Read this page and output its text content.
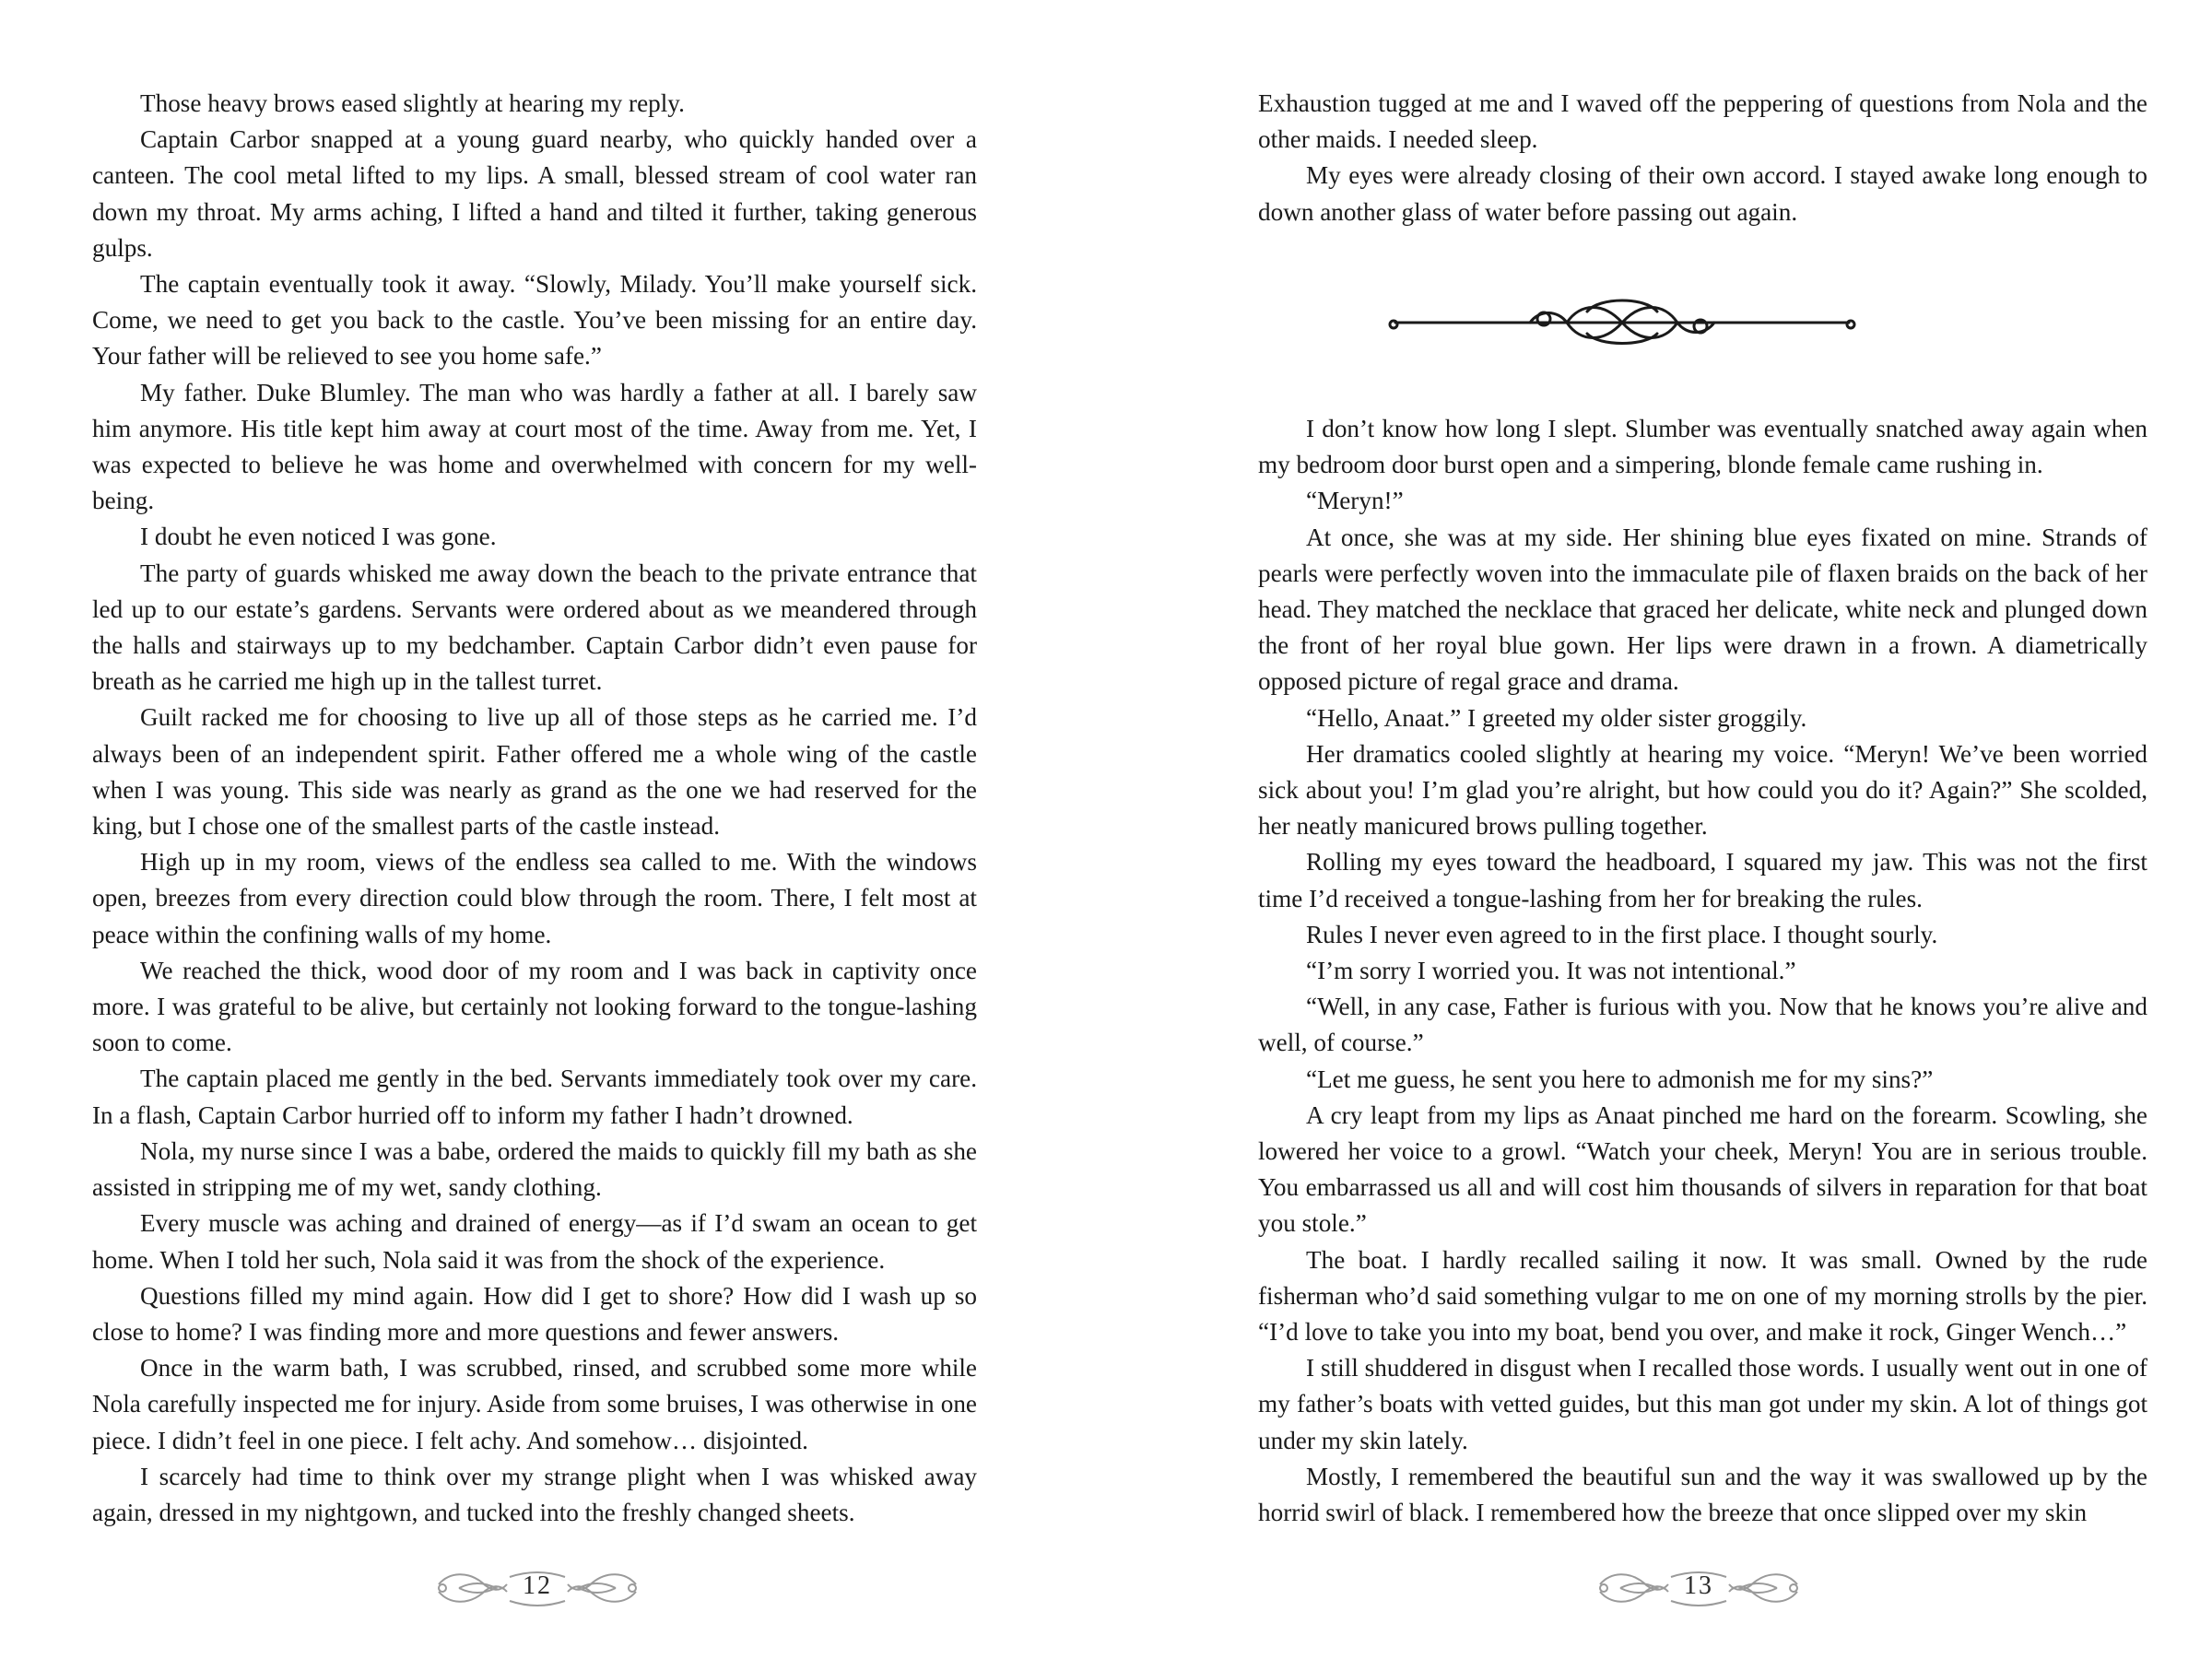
Those heavy brows eased slightly at hearing my reply.

Captain Carbor snapped at a young guard nearby, who quickly handed over a canteen. The cool metal lifted to my lips. A small, blessed stream of cool water ran down my throat. My arms aching, I lifted a hand and tilted it further, taking generous gulps.

The captain eventually took it away. “Slowly, Milady. You’ll make yourself sick. Come, we need to get you back to the castle. You’ve been missing for an entire day. Your father will be relieved to see you home safe.”

My father. Duke Blumley. The man who was hardly a father at all. I barely saw him anymore. His title kept him away at court most of the time. Away from me. Yet, I was expected to believe he was home and overwhelmed with concern for my well-being.

I doubt he even noticed I was gone.

The party of guards whisked me away down the beach to the private entrance that led up to our estate’s gardens. Servants were ordered about as we meandered through the halls and stairways up to my bedchamber. Captain Carbor didn’t even pause for breath as he carried me high up in the tallest turret.

Guilt racked me for choosing to live up all of those steps as he carried me. I’d always been of an independent spirit. Father offered me a whole wing of the castle when I was young. This side was nearly as grand as the one we had reserved for the king, but I chose one of the smallest parts of the castle instead.

High up in my room, views of the endless sea called to me. With the windows open, breezes from every direction could blow through the room. There, I felt most at peace within the confining walls of my home.

We reached the thick, wood door of my room and I was back in captivity once more. I was grateful to be alive, but certainly not looking forward to the tongue-lashing soon to come.

The captain placed me gently in the bed. Servants immediately took over my care. In a flash, Captain Carbor hurried off to inform my father I hadn’t drowned.

Nola, my nurse since I was a babe, ordered the maids to quickly fill my bath as she assisted in stripping me of my wet, sandy clothing.

Every muscle was aching and drained of energy—as if I’d swam an ocean to get home. When I told her such, Nola said it was from the shock of the experience.

Questions filled my mind again. How did I get to shore? How did I wash up so close to home? I was finding more and more questions and fewer answers.

Once in the warm bath, I was scrubbed, rinsed, and scrubbed some more while Nola carefully inspected me for injury. Aside from some bruises, I was otherwise in one piece. I didn’t feel in one piece. I felt achy. And somehow… disjointed.

I scarcely had time to think over my strange plight when I was whisked away again, dressed in my nightgown, and tucked into the freshly changed sheets.

12

Exhaustion tugged at me and I waved off the peppering of questions from Nola and the other maids. I needed sleep.

My eyes were already closing of their own accord. I stayed awake long enough to down another glass of water before passing out again.

I don’t know how long I slept. Slumber was eventually snatched away again when my bedroom door burst open and a simpering, blonde female came rushing in.

“Meryn!”

At once, she was at my side. Her shining blue eyes fixated on mine. Strands of pearls were perfectly woven into the immaculate pile of flaxen braids on the back of her head. They matched the necklace that graced her delicate, white neck and plunged down the front of her royal blue gown. Her lips were drawn in a frown. A diametrically opposed picture of regal grace and drama.

“Hello, Anaat.” I greeted my older sister groggily.

Her dramatics cooled slightly at hearing my voice. “Meryn! We’ve been worried sick about you! I’m glad you’re alright, but how could you do it? Again?” She scolded, her neatly manicured brows pulling together.

Rolling my eyes toward the headboard, I squared my jaw. This was not the first time I’d received a tongue-lashing from her for breaking the rules.

Rules I never even agreed to in the first place. I thought sourly.

“I’m sorry I worried you. It was not intentional.”

“Well, in any case, Father is furious with you. Now that he knows you’re alive and well, of course.”

“Let me guess, he sent you here to admonish me for my sins?”

A cry leapt from my lips as Anaat pinched me hard on the forearm. Scowling, she lowered her voice to a growl. “Watch your cheek, Meryn! You are in serious trouble. You embarrassed us all and will cost him thousands of silvers in reparation for that boat you stole.”

The boat. I hardly recalled sailing it now. It was small. Owned by the rude fisherman who’d said something vulgar to me on one of my morning strolls by the pier. “I’d love to take you into my boat, bend you over, and make it rock, Ginger Wench…”

I still shuddered in disgust when I recalled those words. I usually went out in one of my father’s boats with vetted guides, but this man got under my skin. A lot of things got under my skin lately.

Mostly, I remembered the beautiful sun and the way it was swallowed up by the horrid swirl of black. I remembered how the breeze that once slipped over my skin

13
